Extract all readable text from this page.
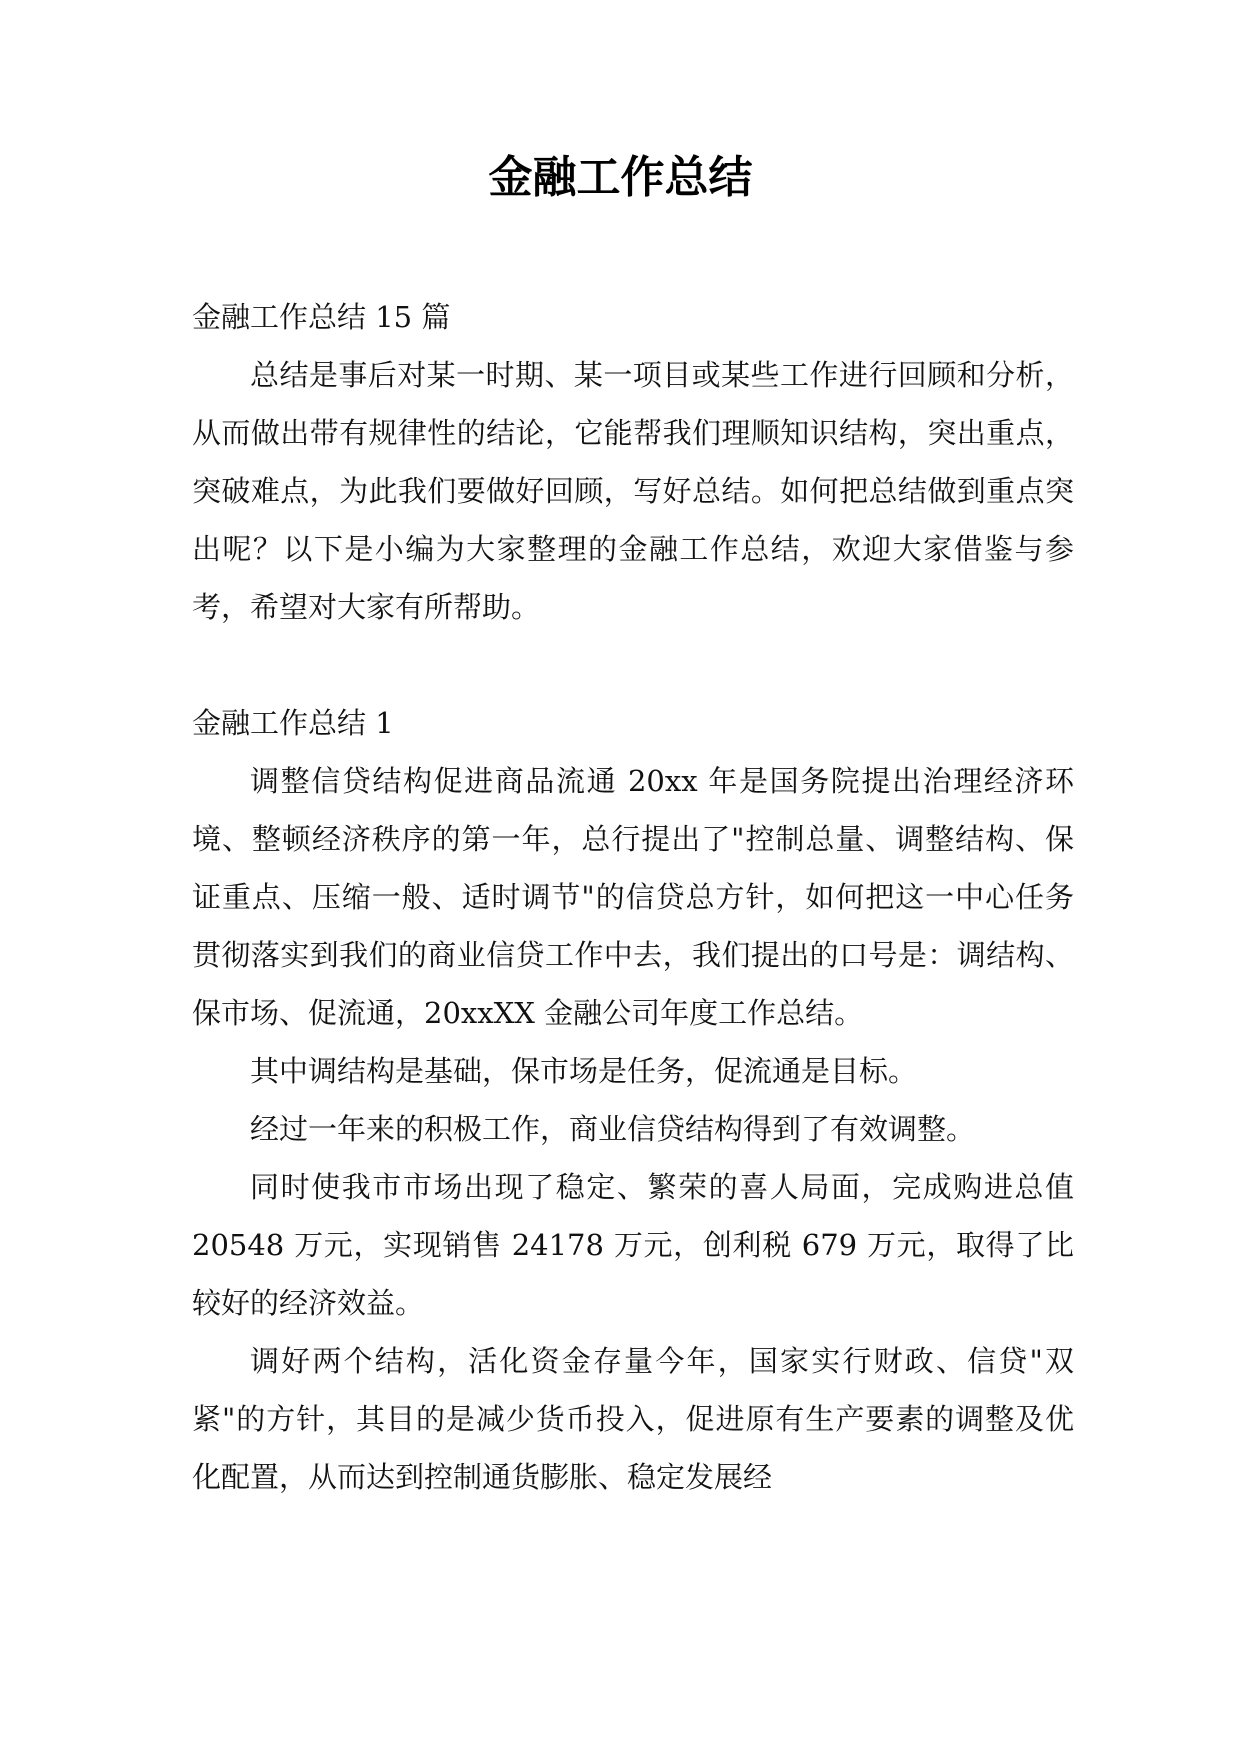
金融工作总结

金融工作总结 15 篇

总结是事后对某一时期、某一项目或某些工作进行回顾和分析，从而做出带有规律性的结论，它能帮我们理顺知识结构，突出重点，突破难点，为此我们要做好回顾，写好总结。如何把总结做到重点突出呢？以下是小编为大家整理的金融工作总结，欢迎大家借鉴与参考，希望对大家有所帮助。

金融工作总结 1

调整信贷结构促进商品流通 20xx 年是国务院提出治理经济环境、整顿经济秩序的第一年，总行提出了"控制总量、调整结构、保证重点、压缩一般、适时调节"的信贷总方针，如何把这一中心任务贯彻落实到我们的商业信贷工作中去，我们提出的口号是：调结构、保市场、促流通，20xxXX 金融公司年度工作总结。

其中调结构是基础，保市场是任务，促流通是目标。

经过一年来的积极工作，商业信贷结构得到了有效调整。

同时使我市市场出现了稳定、繁荣的喜人局面，完成购进总值 20548 万元，实现销售 24178 万元，创利税 679 万元，取得了比较好的经济效益。

调好两个结构，活化资金存量今年，国家实行财政、信贷"双紧"的方针，其目的是减少货币投入，促进原有生产要素的调整及优化配置，从而达到控制通货膨胀、稳定发展经
